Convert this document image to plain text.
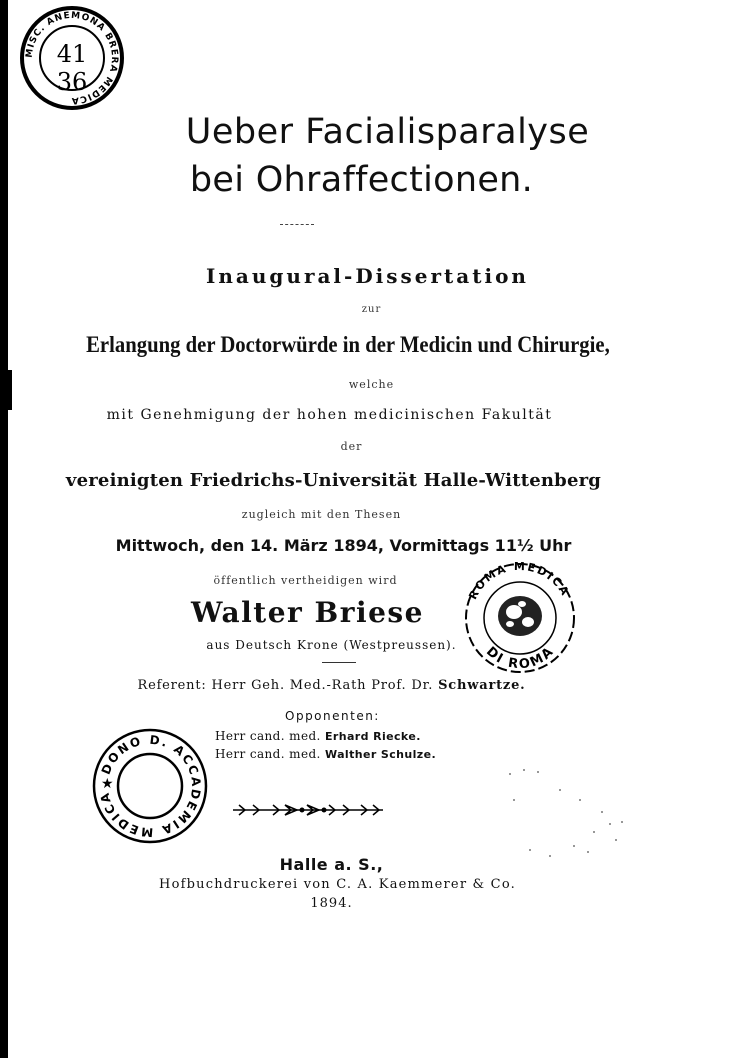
MISC. ANEMONA BRERA MEDICA
41
36
Ueber Facialisparalyse
bei Ohraffectionen.
Inaugural-Dissertation
zur
Erlangung der Doctorwürde in der Medicin und Chirurgie,
welche
mit Genehmigung der hohen medicinischen Fakultät
der
vereinigten Friedrichs-Universität Halle-Wittenberg
zugleich mit den Thesen
Mittwoch, den 14. März 1894, Vormittags 11½ Uhr
öffentlich vertheidigen wird
Walter Briese
aus Deutsch Krone (Westpreussen).
Referent: Herr Geh. Med.-Rath Prof. Dr. Schwartze.
Opponenten:
Herr cand. med. Erhard Riecke.
Herr cand. med. Walther Schulze.
ROMA MEDICA
DI ROMA
DONO D. ACCADEMIA MEDICA
★
Halle a. S.,
Hofbuchdruckerei von C. A. Kaemmerer & Co.
1894.
